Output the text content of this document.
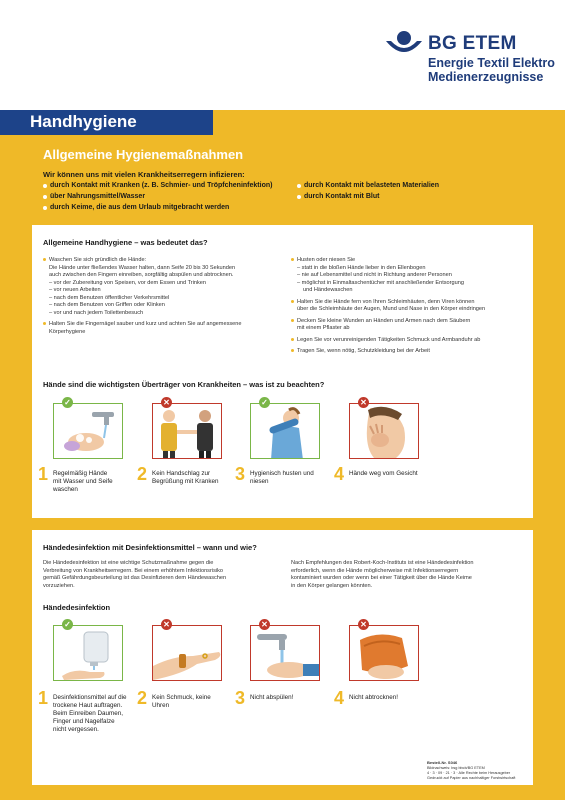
BG ETEM
Energie Textil Elektro
Medienerzeugnisse
Handhygiene
Allgemeine Hygienemaßnahmen
Wir können uns mit vielen Krankheitserregern infizieren:
durch Kontakt mit Kranken (z. B. Schmier- und Tröpfcheninfektion)
über Nahrungsmittel/Wasser
durch Keime, die aus dem Urlaub mitgebracht werden
durch Kontakt mit belasteten Materialien
durch Kontakt mit Blut
Allgemeine Handhygiene – was bedeutet das?
Waschen Sie sich gründlich die Hände:
Die Hände unter fließendes Wasser halten, dann Seife 20 bis 30 Sekunden
auch zwischen den Fingern einreiben, sorgfältig abspülen und abtrocknen.
– vor der Zubereitung von Speisen, vor dem Essen und Trinken
– vor neuen Arbeiten
– nach dem Benutzen öffentlicher Verkehrsmittel
– nach dem Benutzen von Griffen oder Klinken
– vor und nach jedem Toilettenbesuch
Halten Sie die Fingernägel sauber und kurz und achten Sie auf angemessene
Körperhygiene
Husten oder niesen Sie
– statt in die bloßen Hände lieber in den Ellenbogen
– nie auf Lebensmittel und nicht in Richtung anderer Personen
– möglichst in Einmaltaschentücher mit anschließender Entsorgung
und Händewaschen
Halten Sie die Hände fern von Ihren Schleimhäuten, denn Viren können
über die Schleimhäute der Augen, Mund und Nase in den Körper eindringen
Decken Sie kleine Wunden an Händen und Armen nach dem Säubern
mit einem Pflaster ab
Legen Sie vor verunreinigenden Tätigkeiten Schmuck und Armbanduhr ab
Tragen Sie, wenn nötig, Schutzkleidung bei der Arbeit
Hände sind die wichtigsten Überträger von Krankheiten – was ist zu beachten?
✓	✕	✓	✕
1 Regelmäßig Hände
mit Wasser und Seife
waschen
2 Kein Handschlag zur
Begrüßung mit Kranken 3 Hygienisch husten und
niesen	4 Hände weg vom Gesicht
Händedesinfektion mit Desinfektionsmittel – wann und wie?
Die Händedesinfektion ist eine wichtige Schutzmaßnahme gegen die
Verbreitung von Krankheitserregern. Bei einem erhöhtem Infektionsrisiko
gemäß Gefährdungsbeurteilung ist das Desinfizieren dem Händewaschen
vorzuziehen.
Nach Empfehlungen des Robert-Koch-Instituts ist eine Händedesinfektion
erforderlich, wenn die Hände möglicherweise mit Infektionserregern
kontaminiert wurden oder wenn bei einer Tätigkeit über die Hände Keime
in den Körper gelangen könnten.
Händedesinfektion
✓	✕	✕	✕
1 Desinfektionsmittel auf die
trockene Haut auftragen.
Beim Einreiben Daumen,
Finger und Nagelfalze
nicht vergessen.
2 Kein Schmuck, keine
Uhren	3 Nicht abspülen! 4 Nicht abtrocknen!
Bestell-Nr. S046
Bildnachweis: bsg bbcb/BG ETEM
4 · 3 · 09 · 21 · 3 · Alle Rechte beim Herausgeber
Gedruckt auf Papier aus nachhaltiger Forstwirtschaft
